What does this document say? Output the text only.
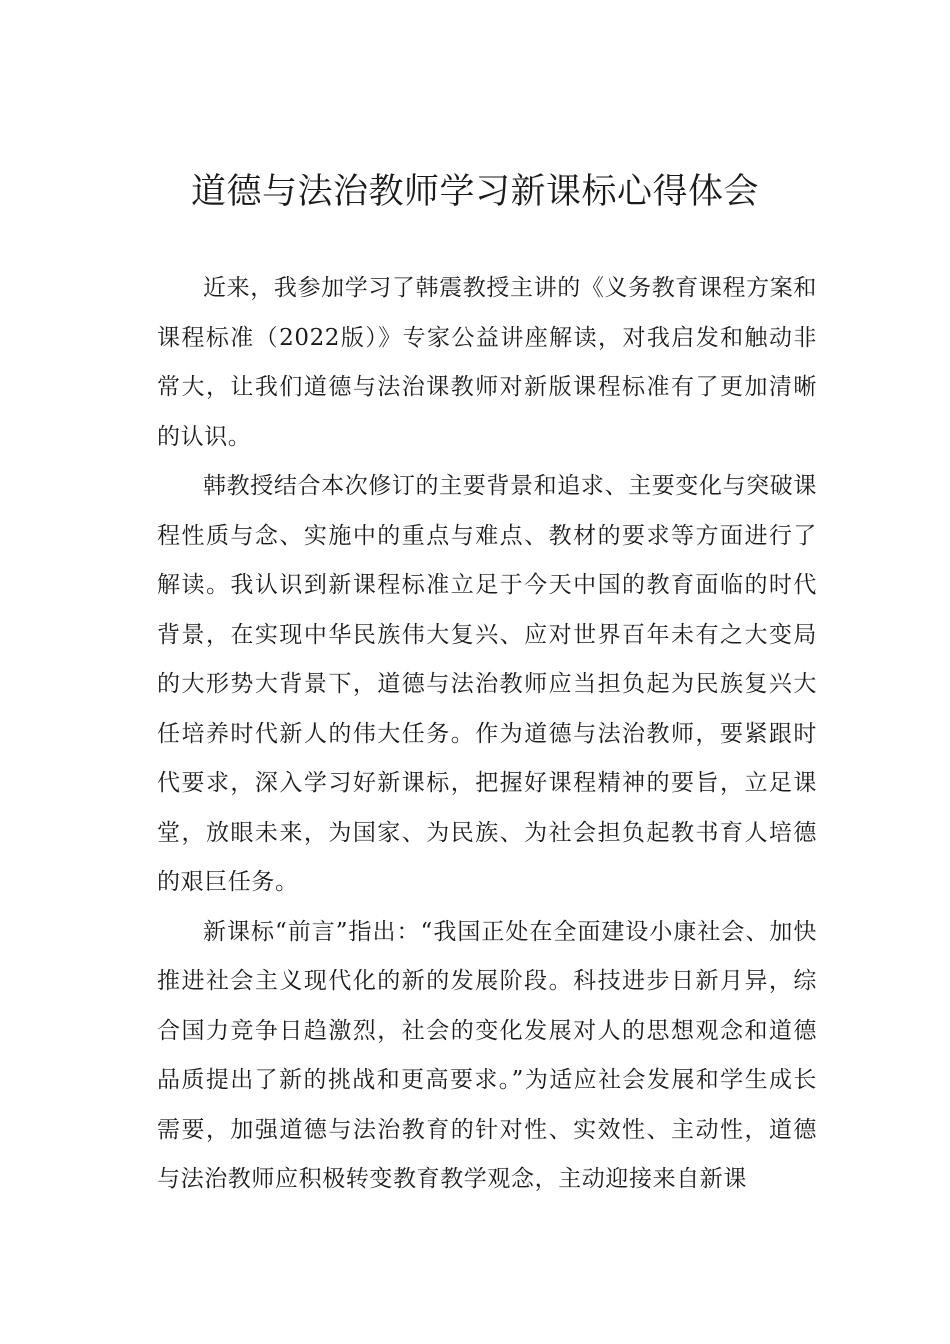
道德与法治教师学习新课标心得体会

近来，我参加学习了韩震教授主讲的《义务教育课程方案和课程标准（2022版）》专家公益讲座解读，对我启发和触动非常大，让我们道德与法治课教师对新版课程标准有了更加清晰的认识。

韩教授结合本次修订的主要背景和追求、主要变化与突破课程性质与念、实施中的重点与难点、教材的要求等方面进行了解读。我认识到新课程标准立足于今天中国的教育面临的时代背景，在实现中华民族伟大复兴、应对世界百年未有之大变局的大形势大背景下，道德与法治教师应当担负起为民族复兴大任培养时代新人的伟大任务。作为道德与法治教师，要紧跟时代要求，深入学习好新课标，把握好课程精神的要旨，立足课堂，放眼未来，为国家、为民族、为社会担负起教书育人培德的艰巨任务。

新课标“前言”指出：“我国正处在全面建设小康社会、加快推进社会主义现代化的新的发展阶段。科技进步日新月异，综合国力竞争日趋激烈，社会的变化发展对人的思想观念和道德品质提出了新的挑战和更高要求。”为适应社会发展和学生成长需要，加强道德与法治教育的针对性、实效性、主动性，道德与法治教师应积极转变教育教学观念，主动迎接来自新课
